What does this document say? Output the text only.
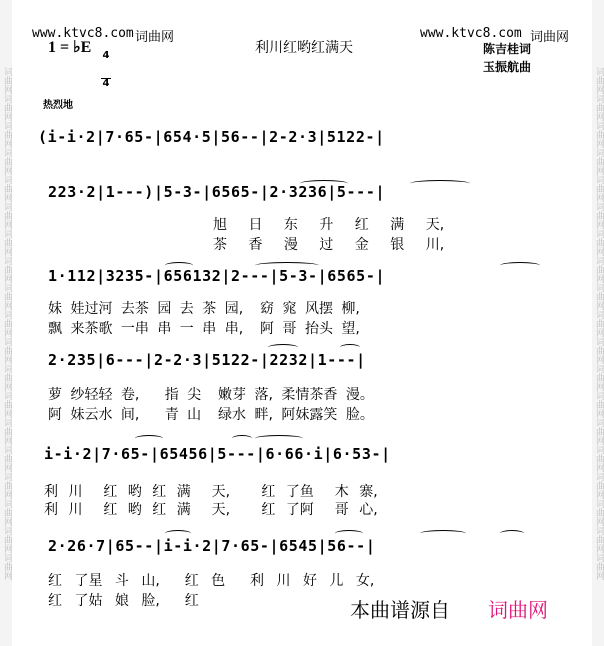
词曲网词曲网词曲网词曲网词曲网词曲网词曲网词曲网词曲网词曲网词曲网词曲网词曲网词曲网词曲网词曲网词曲网词曲网词曲网	词曲网词曲网词曲网词曲网词曲网词曲网词曲网词曲网词曲网词曲网词曲网词曲网词曲网词曲网词曲网词曲网词曲网词曲网词曲网
www.ktvc8.com 词曲网	www.ktvc8.com 词曲网
1 = ♭E

4

4

利川红哟红满天	陈吉桂词
玉振航曲
热烈地
(i-i·2|7·65-|654·5|56--|2-2·3|5122-|
223·2|1---)|5-3-|6565-|2·3236|5---|
旭 日 东 升 红 满 天,
茶 香 漫 过 金 银 川,
1·112|3235-|656132|2---|5-3-|6565-|
妹 娃过河 去茶 园 去 茶 园,  窈 窕 风摆 柳,
飘 来茶歌 一串 串 一 串 串,  阿 哥 抬头 望,
2·235|6---|2-2·3|5122-|2232|1---|
萝 纱轻轻 卷,   指 尖  嫩芽 落, 柔情茶香 漫。
阿 妹云水 间,   青 山  绿水 畔, 阿妹露笑 脸。
i-i·2|7·65-|65456|5---|6·66·i|6·53-|
利 川  红 哟 红 满  天,   红 了鱼  木 寨,
利 川  红 哟 红 满  天,   红 了阿  哥 心,
2·26·7|65--|i-i·2|7·65-|6545|56--|
红 了星 斗 山,  红 色  利 川 好 儿 女,
红 了姑 娘 脸,  红	本曲谱源自 词曲网
